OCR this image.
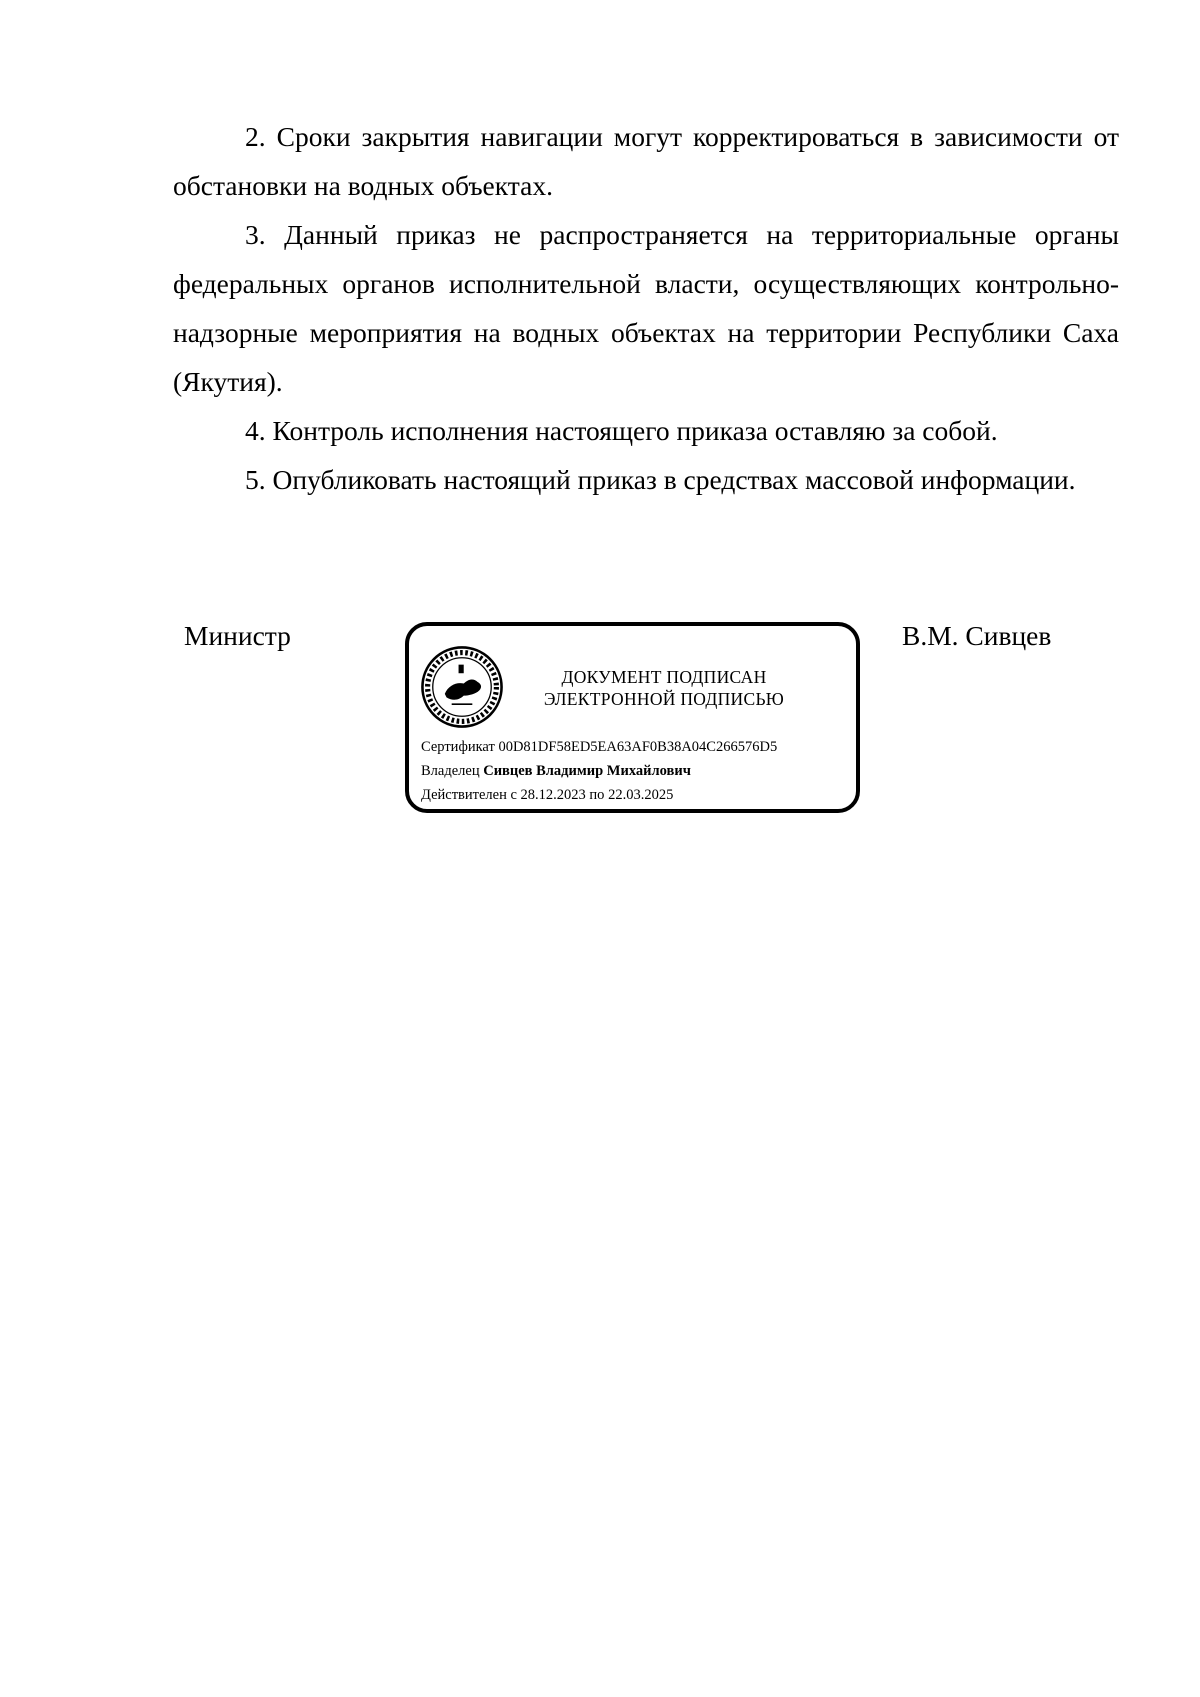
2. Сроки закрытия навигации могут корректироваться в зависимости от обстановки на водных объектах.

3. Данный приказ не распространяется на территориальные органы федеральных органов исполнительной власти, осуществляющих контрольно-надзорные мероприятия на водных объектах на территории Республики Саха (Якутия).

4. Контроль исполнения настоящего приказа оставляю за собой.

5. Опубликовать настоящий приказ в средствах массовой информации.

Министр	В.М. Сивцев
ДОКУМЕНТ ПОДПИСАН
ЭЛЕКТРОННОЙ ПОДПИСЬЮ
Сертификат 00D81DF58ED5EA63AF0B38A04C266576D5
Владелец Сивцев Владимир Михайлович
Действителен с 28.12.2023 по 22.03.2025
